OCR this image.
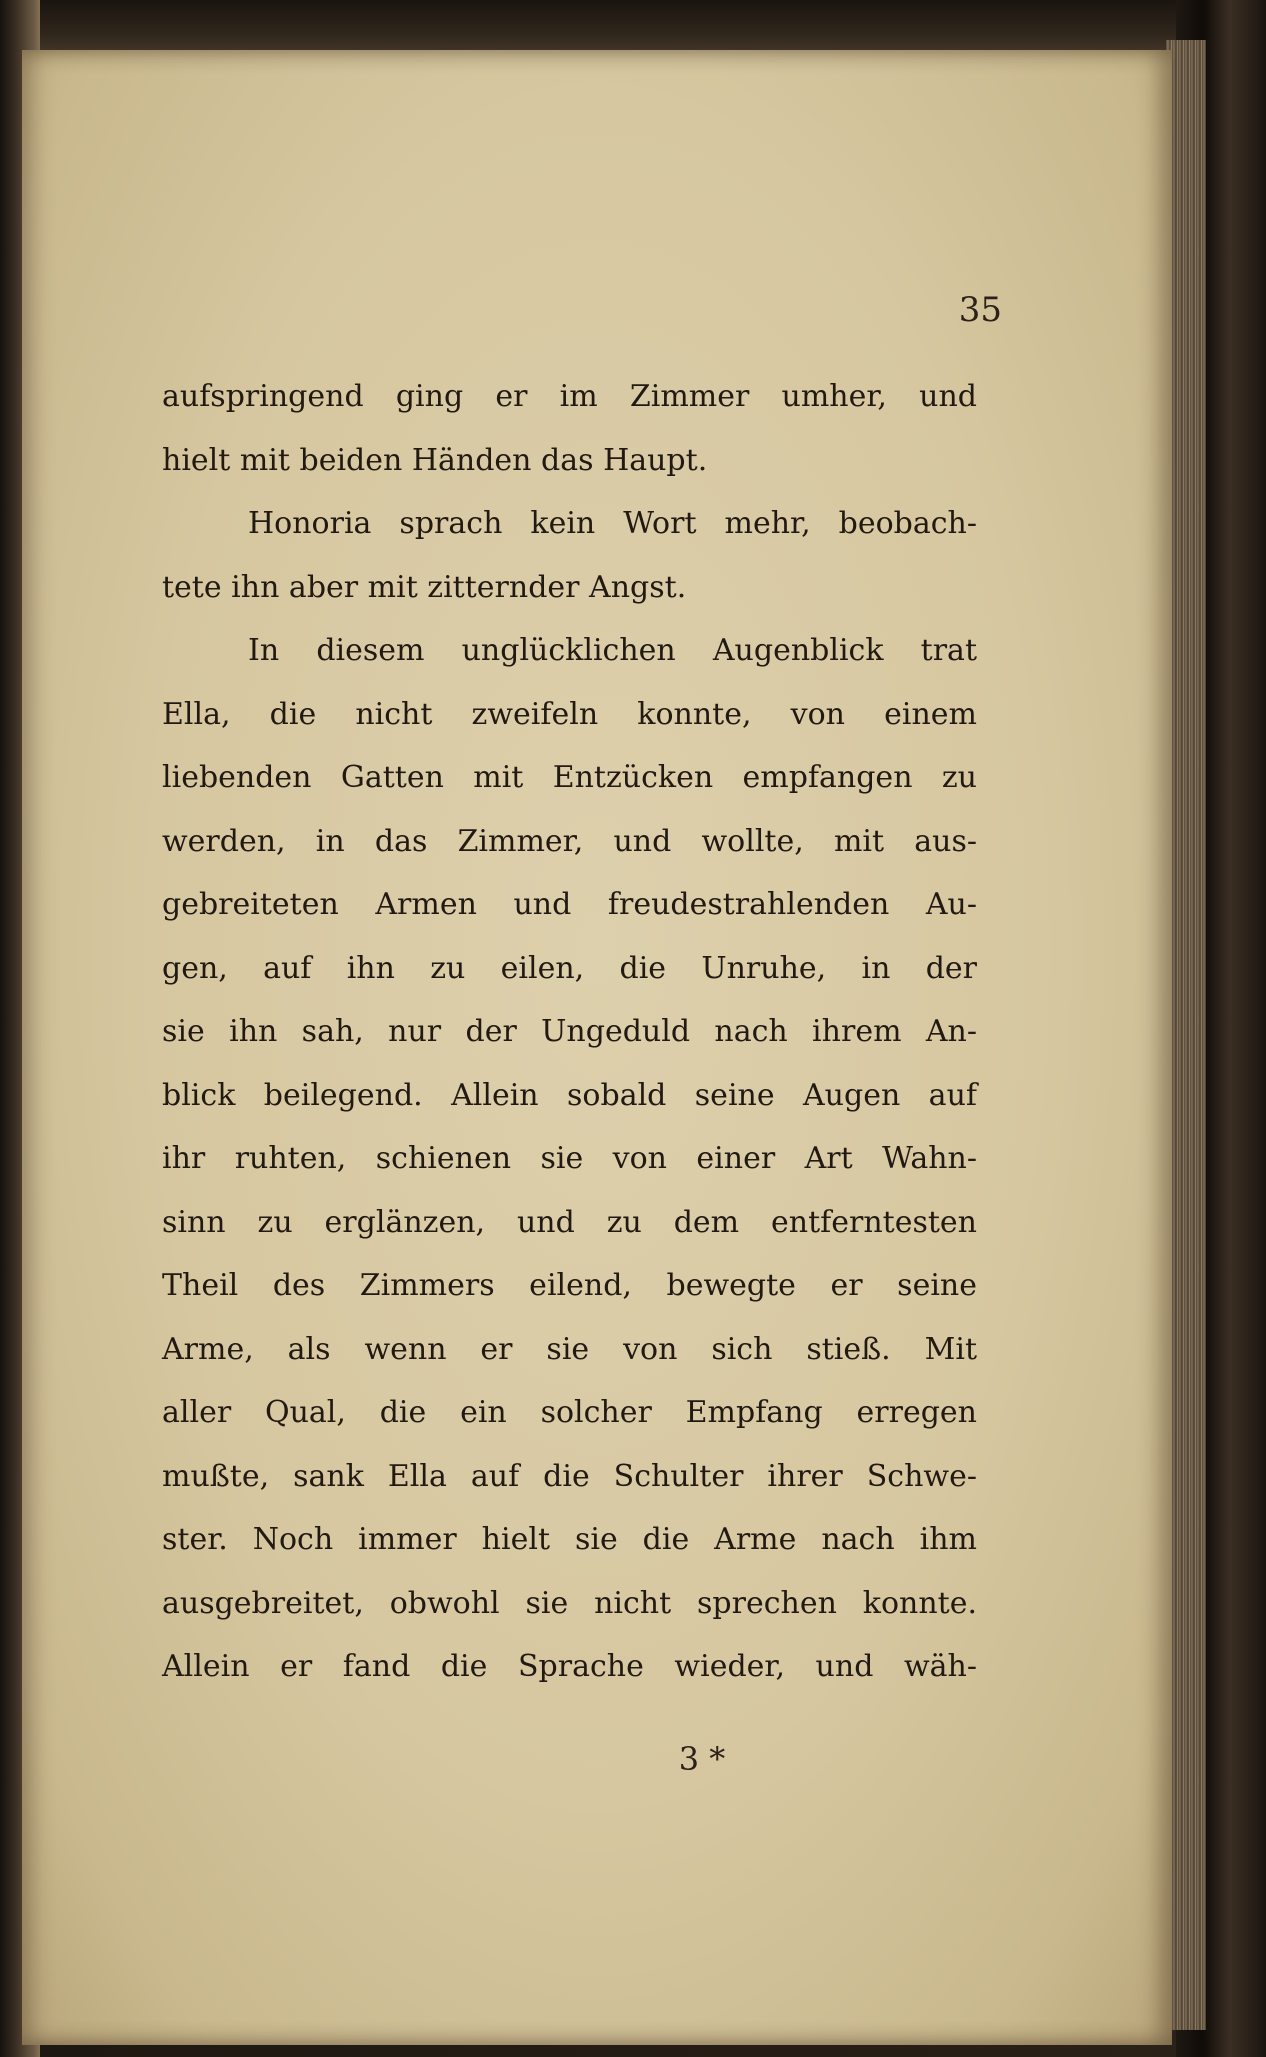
35
aufspringend ging er im Zimmer umher, und
hielt mit beiden Händen das Haupt.
Honoria sprach kein Wort mehr, beobach-
tete ihn aber mit zitternder Angst.
In diesem unglücklichen Augenblick trat
Ella, die nicht zweifeln konnte, von einem
liebenden Gatten mit Entzücken empfangen zu
werden, in das Zimmer, und wollte, mit aus-
gebreiteten Armen und freudestrahlenden Au-
gen, auf ihn zu eilen, die Unruhe, in der
sie ihn sah, nur der Ungeduld nach ihrem An-
blick beilegend. Allein sobald seine Augen auf
ihr ruhten, schienen sie von einer Art Wahn-
sinn zu erglänzen, und zu dem entferntesten
Theil des Zimmers eilend, bewegte er seine
Arme, als wenn er sie von sich stieß. Mit
aller Qual, die ein solcher Empfang erregen
mußte, sank Ella auf die Schulter ihrer Schwe-
ster. Noch immer hielt sie die Arme nach ihm
ausgebreitet, obwohl sie nicht sprechen konnte.
Allein er fand die Sprache wieder, und wäh-
3 *
